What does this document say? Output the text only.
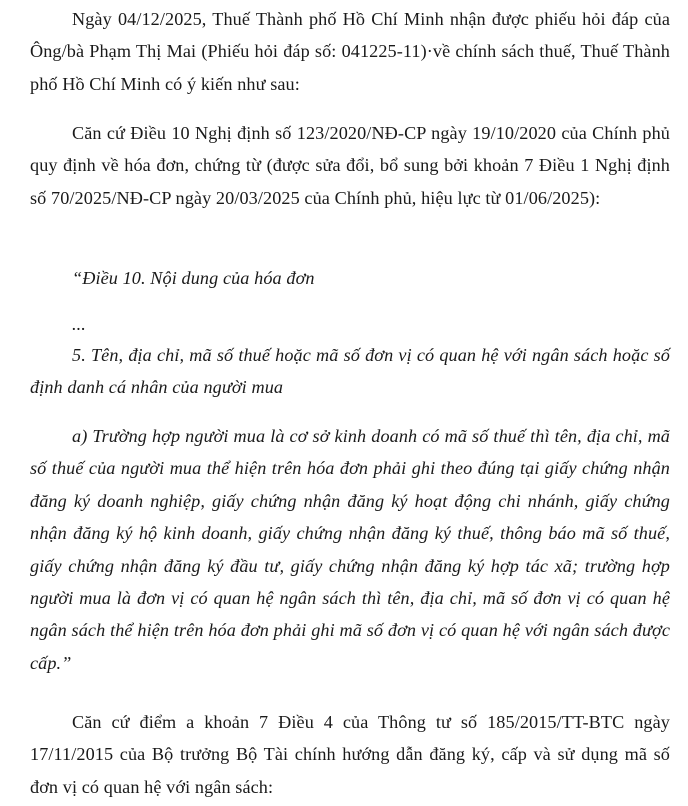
Ngày 04/12/2025, Thuế Thành phố Hồ Chí Minh nhận được phiếu hỏi đáp của Ông/bà Phạm Thị Mai (Phiếu hỏi đáp số: 041225-11)·về chính sách thuế, Thuế Thành phố Hồ Chí Minh có ý kiến như sau:

Căn cứ Điều 10 Nghị định số 123/2020/NĐ-CP ngày 19/10/2020 của Chính phủ quy định về hóa đơn, chứng từ (được sửa đổi, bổ sung bởi khoản 7 Điều 1 Nghị định số 70/2025/NĐ-CP ngày 20/03/2025 của Chính phủ, hiệu lực từ 01/06/2025):

“Điều 10. Nội dung của hóa đơn

...

5. Tên, địa chỉ, mã số thuế hoặc mã số đơn vị có quan hệ với ngân sách hoặc số định danh cá nhân của người mua

a) Trường hợp người mua là cơ sở kinh doanh có mã số thuế thì tên, địa chỉ, mã số thuế của người mua thể hiện trên hóa đơn phải ghi theo đúng tại giấy chứng nhận đăng ký doanh nghiệp, giấy chứng nhận đăng ký hoạt động chi nhánh, giấy chứng nhận đăng ký hộ kinh doanh, giấy chứng nhận đăng ký thuế, thông báo mã số thuế, giấy chứng nhận đăng ký đầu tư, giấy chứng nhận đăng ký hợp tác xã; trường hợp người mua là đơn vị có quan hệ ngân sách thì tên, địa chỉ, mã số đơn vị có quan hệ ngân sách thể hiện trên hóa đơn phải ghi mã số đơn vị có quan hệ với ngân sách được cấp.”

Căn cứ điểm a khoản 7 Điều 4 của Thông tư số 185/2015/TT-BTC ngày 17/11/2015 của Bộ trưởng Bộ Tài chính hướng dẫn đăng ký, cấp và sử dụng mã số đơn vị có quan hệ với ngân sách:
